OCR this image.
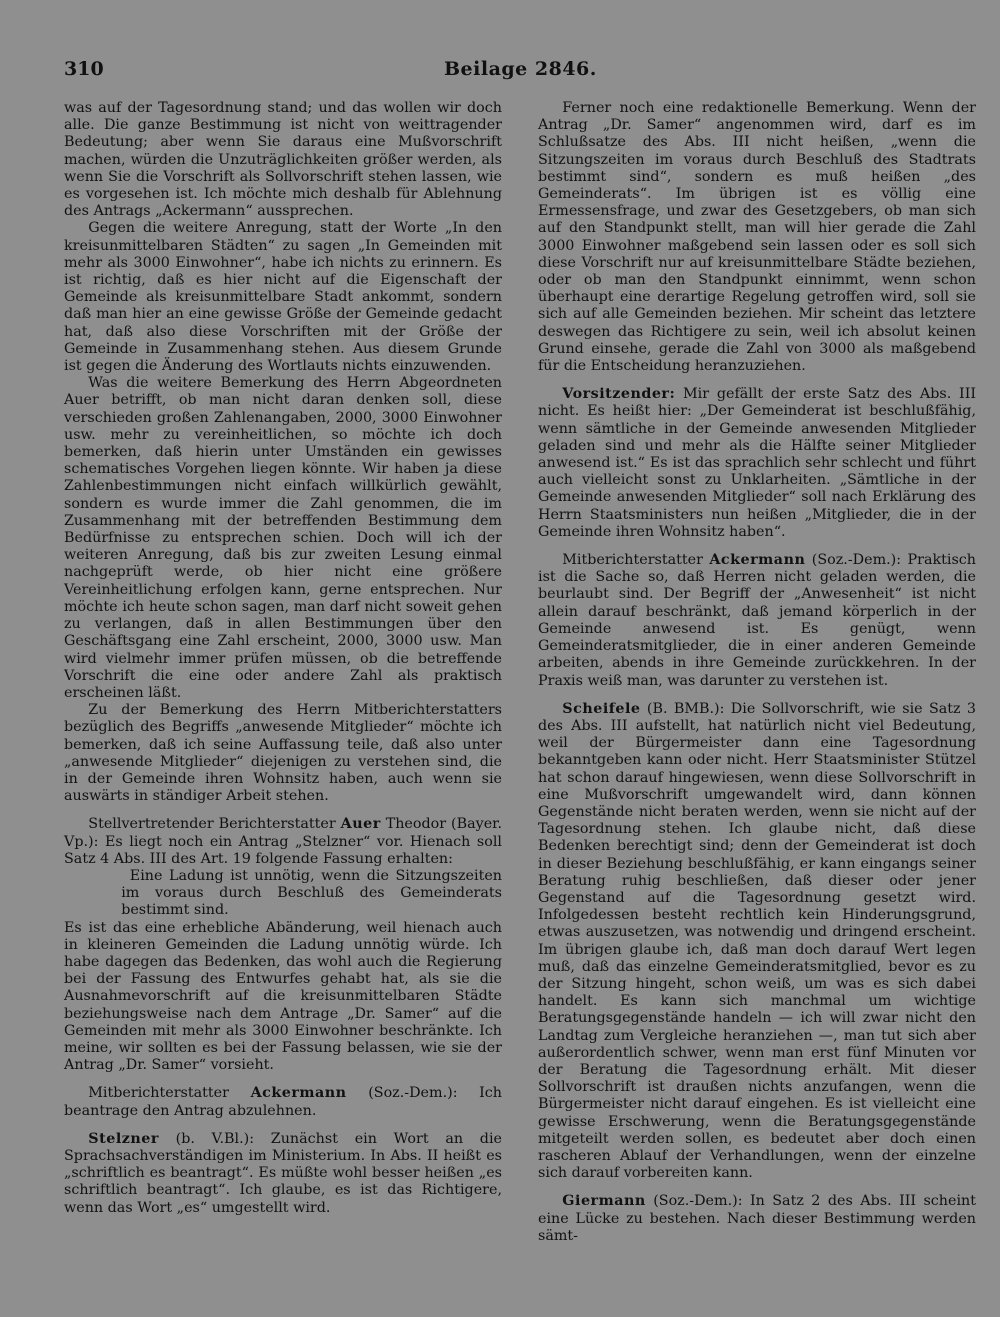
310	Beilage 2846.

was auf der Tagesordnung stand; und das wollen wir doch alle. Die ganze Bestimmung ist nicht von weittragender Bedeutung; aber wenn Sie daraus eine Mußvorschrift machen, würden die Unzuträglichkeiten größer werden, als wenn Sie die Vorschrift als Sollvorschrift stehen lassen, wie es vorgesehen ist. Ich möchte mich deshalb für Ablehnung des Antrags „Ackermann“ aussprechen.

Gegen die weitere Anregung, statt der Worte „In den kreisunmittelbaren Städten“ zu sagen „In Gemeinden mit mehr als 3000 Einwohner“, habe ich nichts zu erinnern. Es ist richtig, daß es hier nicht auf die Eigenschaft der Gemeinde als kreisunmittelbare Stadt ankommt, sondern daß man hier an eine gewisse Größe der Gemeinde gedacht hat, daß also diese Vorschriften mit der Größe der Gemeinde in Zusammenhang stehen. Aus diesem Grunde ist gegen die Änderung des Wortlauts nichts einzuwenden.

Was die weitere Bemerkung des Herrn Abgeordneten Auer betrifft, ob man nicht daran denken soll, diese verschieden großen Zahlenangaben, 2000, 3000 Einwohner usw. mehr zu vereinheitlichen, so möchte ich doch bemerken, daß hierin unter Umständen ein gewisses schematisches Vorgehen liegen könnte. Wir haben ja diese Zahlenbestimmungen nicht einfach willkürlich gewählt, sondern es wurde immer die Zahl genommen, die im Zusammenhang mit der betreffenden Bestimmung dem Bedürfnisse zu entsprechen schien. Doch will ich der weiteren Anregung, daß bis zur zweiten Lesung einmal nachgeprüft werde, ob hier nicht eine größere Vereinheitlichung erfolgen kann, gerne entsprechen. Nur möchte ich heute schon sagen, man darf nicht soweit gehen zu verlangen, daß in allen Bestimmungen über den Geschäftsgang eine Zahl erscheint, 2000, 3000 usw. Man wird vielmehr immer prüfen müssen, ob die betreffende Vorschrift die eine oder andere Zahl als praktisch erscheinen läßt.

Zu der Bemerkung des Herrn Mitberichterstatters bezüglich des Begriffs „anwesende Mitglieder“ möchte ich bemerken, daß ich seine Auffassung teile, daß also unter „anwesende Mitglieder“ diejenigen zu verstehen sind, die in der Gemeinde ihren Wohnsitz haben, auch wenn sie auswärts in ständiger Arbeit stehen.

Stellvertretender Berichterstatter Auer Theodor (Bayer. Vp.): Es liegt noch ein Antrag „Stelzner“ vor. Hienach soll Satz 4 Abs. III des Art. 19 folgende Fassung erhalten:

Eine Ladung ist unnötig, wenn die Sitzungszeiten im voraus durch Beschluß des Gemeinderats bestimmt sind.

Es ist das eine erhebliche Abänderung, weil hienach auch in kleineren Gemeinden die Ladung unnötig würde. Ich habe dagegen das Bedenken, das wohl auch die Regierung bei der Fassung des Entwurfes gehabt hat, als sie die Ausnahmevorschrift auf die kreisunmittelbaren Städte beziehungsweise nach dem Antrage „Dr. Samer“ auf die Gemeinden mit mehr als 3000 Einwohner beschränkte. Ich meine, wir sollten es bei der Fassung belassen, wie sie der Antrag „Dr. Samer“ vorsieht.

Mitberichterstatter Ackermann (Soz.-Dem.): Ich beantrage den Antrag abzulehnen.

Stelzner (b. V.Bl.): Zunächst ein Wort an die Sprachsachverständigen im Ministerium. In Abs. II heißt es „schriftlich es beantragt“. Es müßte wohl besser heißen „es schriftlich beantragt“. Ich glaube, es ist das Richtigere, wenn das Wort „es“ umgestellt wird.

Ferner noch eine redaktionelle Bemerkung. Wenn der Antrag „Dr. Samer“ angenommen wird, darf es im Schlußsatze des Abs. III nicht heißen, „wenn die Sitzungszeiten im voraus durch Beschluß des Stadtrats bestimmt sind“, sondern es muß heißen „des Gemeinderats“. Im übrigen ist es völlig eine Ermessensfrage, und zwar des Gesetzgebers, ob man sich auf den Standpunkt stellt, man will hier gerade die Zahl 3000 Einwohner maßgebend sein lassen oder es soll sich diese Vorschrift nur auf kreisunmittelbare Städte beziehen, oder ob man den Standpunkt einnimmt, wenn schon überhaupt eine derartige Regelung getroffen wird, soll sie sich auf alle Gemeinden beziehen. Mir scheint das letztere deswegen das Richtigere zu sein, weil ich absolut keinen Grund einsehe, gerade die Zahl von 3000 als maßgebend für die Entscheidung heranzuziehen.

Vorsitzender: Mir gefällt der erste Satz des Abs. III nicht. Es heißt hier: „Der Gemeinderat ist beschlußfähig, wenn sämtliche in der Gemeinde anwesenden Mitglieder geladen sind und mehr als die Hälfte seiner Mitglieder anwesend ist.“ Es ist das sprachlich sehr schlecht und führt auch vielleicht sonst zu Unklarheiten. „Sämtliche in der Gemeinde anwesenden Mitglieder“ soll nach Erklärung des Herrn Staatsministers nun heißen „Mitglieder, die in der Gemeinde ihren Wohnsitz haben“.

Mitberichterstatter Ackermann (Soz.-Dem.): Praktisch ist die Sache so, daß Herren nicht geladen werden, die beurlaubt sind. Der Begriff der „Anwesenheit“ ist nicht allein darauf beschränkt, daß jemand körperlich in der Gemeinde anwesend ist. Es genügt, wenn Gemeinderatsmitglieder, die in einer anderen Gemeinde arbeiten, abends in ihre Gemeinde zurückkehren. In der Praxis weiß man, was darunter zu verstehen ist.

Scheifele (B. BMB.): Die Sollvorschrift, wie sie Satz 3 des Abs. III aufstellt, hat natürlich nicht viel Bedeutung, weil der Bürgermeister dann eine Tagesordnung bekanntgeben kann oder nicht. Herr Staatsminister Stützel hat schon darauf hingewiesen, wenn diese Sollvorschrift in eine Mußvorschrift umgewandelt wird, dann können Gegenstände nicht beraten werden, wenn sie nicht auf der Tagesordnung stehen. Ich glaube nicht, daß diese Bedenken berechtigt sind; denn der Gemeinderat ist doch in dieser Beziehung beschlußfähig, er kann eingangs seiner Beratung ruhig beschließen, daß dieser oder jener Gegenstand auf die Tagesordnung gesetzt wird. Infolgedessen besteht rechtlich kein Hinderungsgrund, etwas auszusetzen, was notwendig und dringend erscheint. Im übrigen glaube ich, daß man doch darauf Wert legen muß, daß das einzelne Gemeinderatsmitglied, bevor es zu der Sitzung hingeht, schon weiß, um was es sich dabei handelt. Es kann sich manchmal um wichtige Beratungsgegenstände handeln — ich will zwar nicht den Landtag zum Vergleiche heranziehen —, man tut sich aber außerordentlich schwer, wenn man erst fünf Minuten vor der Beratung die Tagesordnung erhält. Mit dieser Sollvorschrift ist draußen nichts anzufangen, wenn die Bürgermeister nicht darauf eingehen. Es ist vielleicht eine gewisse Erschwerung, wenn die Beratungsgegenstände mitgeteilt werden sollen, es bedeutet aber doch einen rascheren Ablauf der Verhandlungen, wenn der einzelne sich darauf vorbereiten kann.

Giermann (Soz.-Dem.): In Satz 2 des Abs. III scheint eine Lücke zu bestehen. Nach dieser Bestimmung werden sämt-
